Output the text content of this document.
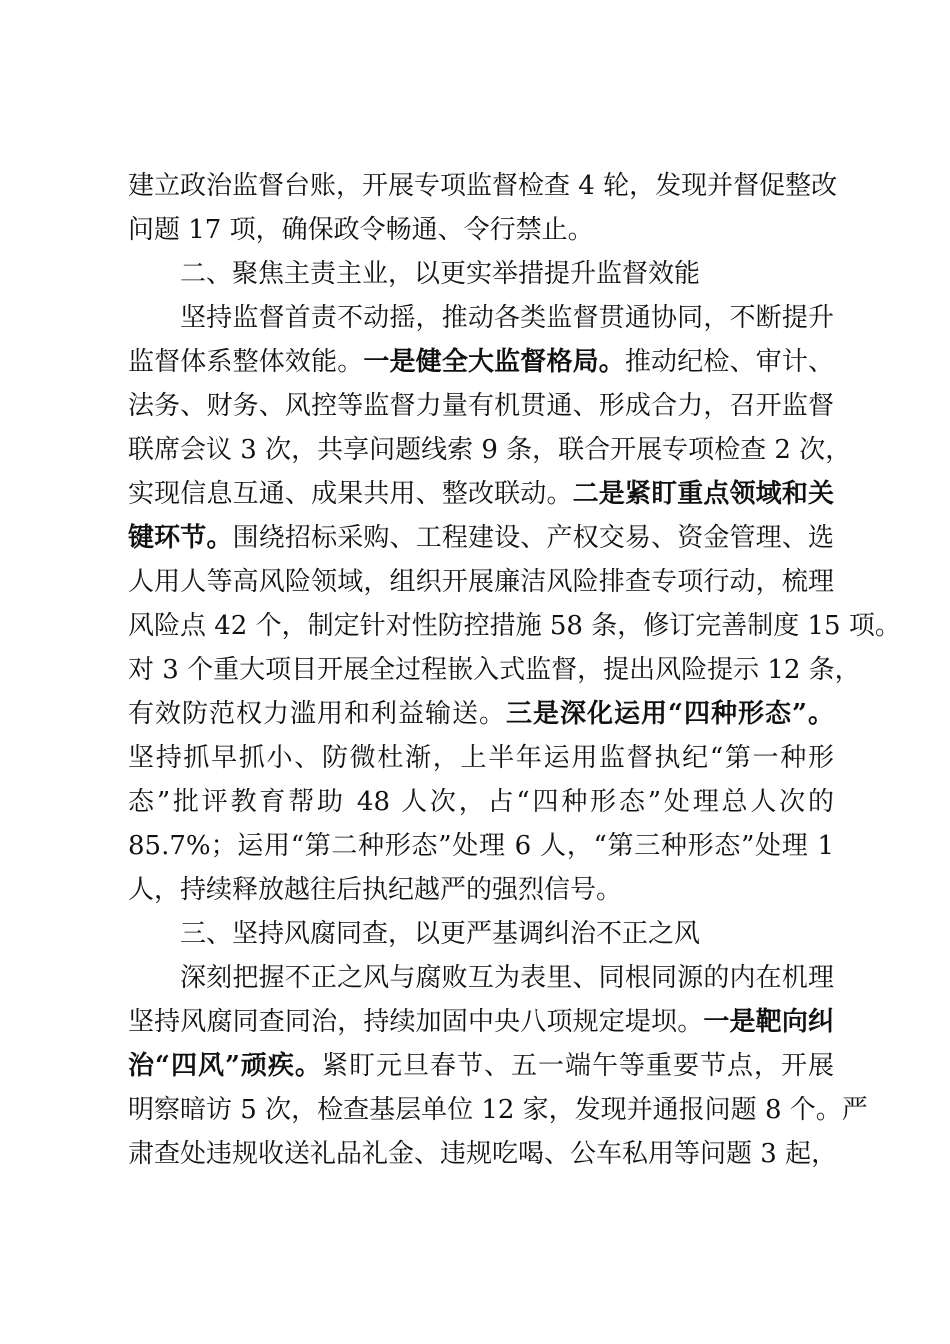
建立政治监督台账，开展专项监督检查 4 轮，发现并督促整改
问题 17 项，确保政令畅通、令行禁止。
二、聚焦主责主业，以更实举措提升监督效能
坚持监督首责不动摇，推动各类监督贯通协同，不断提升
监督体系整体效能。一是健全大监督格局。推动纪检、审计、
法务、财务、风控等监督力量有机贯通、形成合力，召开监督
联席会议 3 次，共享问题线索 9 条，联合开展专项检查 2 次，
实现信息互通、成果共用、整改联动。二是紧盯重点领域和关
键环节。围绕招标采购、工程建设、产权交易、资金管理、选
人用人等高风险领域，组织开展廉洁风险排查专项行动，梳理
风险点 42 个，制定针对性防控措施 58 条，修订完善制度 15 项。
对 3 个重大项目开展全过程嵌入式监督，提出风险提示 12 条，
有效防范权力滥用和利益输送。三是深化运用“四种形态”。
坚持抓早抓小、防微杜渐，上半年运用监督执纪“第一种形
态”批评教育帮助 48 人次，占“四种形态”处理总人次的
85.7%；运用“第二种形态”处理 6 人，“第三种形态”处理 1
人，持续释放越往后执纪越严的强烈信号。
三、坚持风腐同查，以更严基调纠治不正之风
深刻把握不正之风与腐败互为表里、同根同源的内在机理
坚持风腐同查同治，持续加固中央八项规定堤坝。一是靶向纠
治“四风”顽疾。紧盯元旦春节、五一端午等重要节点，开展
明察暗访 5 次，检查基层单位 12 家，发现并通报问题 8 个。严
肃查处违规收送礼品礼金、违规吃喝、公车私用等问题 3 起，
